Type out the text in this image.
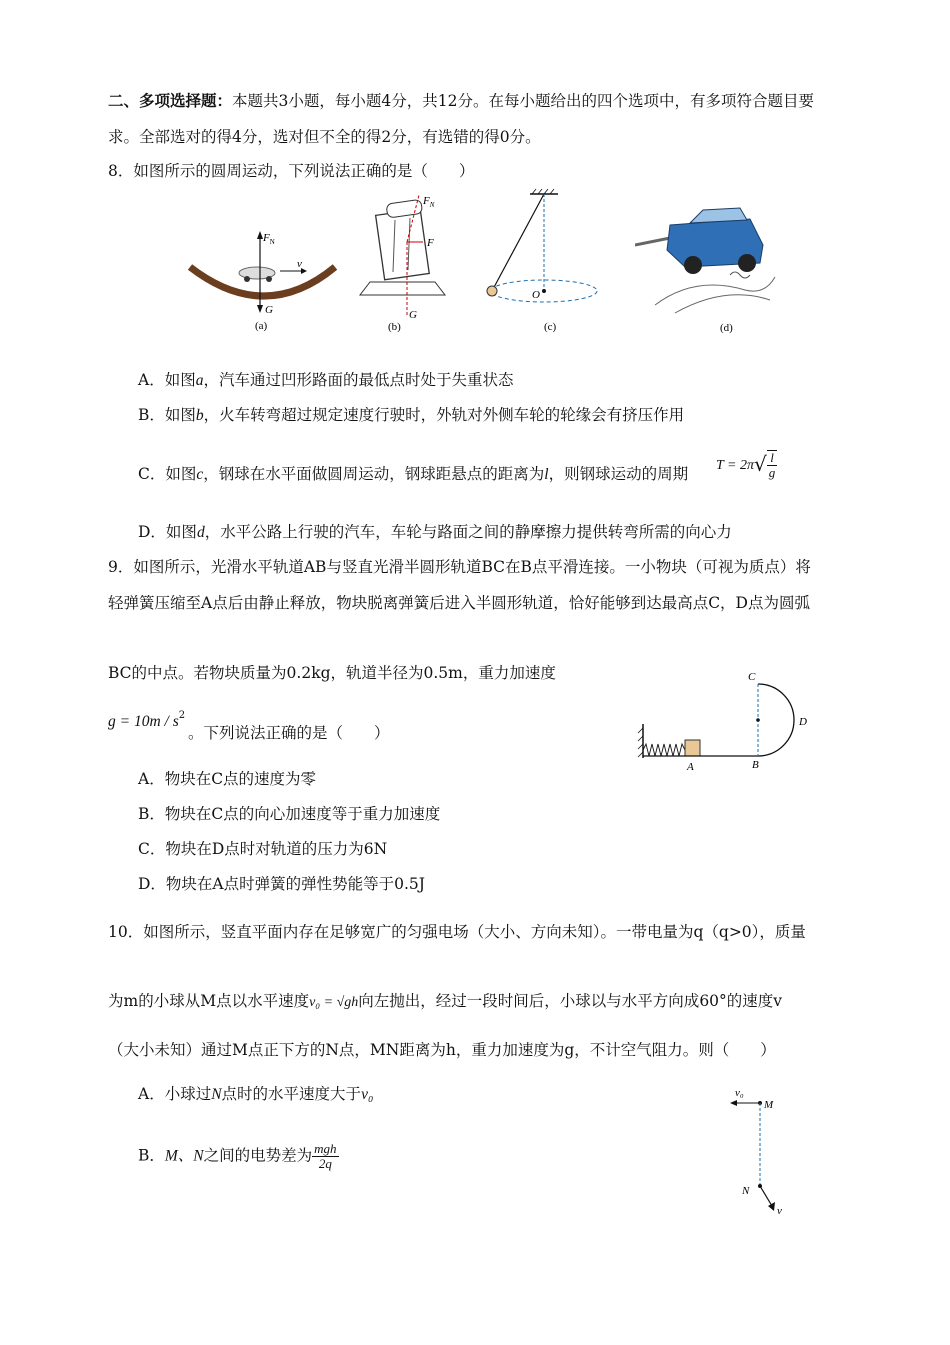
二、多项选择题：本题共3小题，每小题4分，共12分。在每小题给出的四个选项中，有多项符合题目要
求。全部选对的得4分，选对但不全的得2分，有选错的得0分。
8．如图所示的圆周运动，下列说法正确的是（　　）
$F_N$
G
v
(a)
$F_N$
F
G
(b)
O
(c)	(d)
A．如图a，汽车通过凹形路面的最低点时处于失重状态
B．如图b，火车转弯超过规定速度行驶时，外轨对外侧车轮的轮缘会有挤压作用
C．如图c，钢球在水平面做圆周运动，钢球距悬点的距离为l，则钢球运动的周期 $T = 2\pi√ \frac{l}{g}$
D．如图d，水平公路上行驶的汽车，车轮与路面之间的静摩擦力提供转弯所需的向心力
9．如图所示，光滑水平轨道AB与竖直光滑半圆形轨道BC在B点平滑连接。一小物块（可视为质点）将
轻弹簧压缩至A点后由静止释放，物块脱离弹簧后进入半圆形轨道，恰好能够到达最高点C，D点为圆弧
BC的中点。若物块质量为0.2kg，轨道半径为0.5m，重力加速度
$g = 10m / s^2$
。下列说法正确的是（　　）
C
D
A	B
A．物块在C点的速度为零
B．物块在C点的向心加速度等于重力加速度
C．物块在D点时对轨道的压力为6N
D．物块在A点时弹簧的弹性势能等于0.5J
10．如图所示，竖直平面内存在足够宽广的匀强电场（大小、方向未知）。一带电量为q（q>0），质量
为m的小球从M点以水平速度v₀ = √gh向左抛出，经过一段时间后，小球以与水平方向成60°的速度v
（大小未知）通过M点正下方的N点，MN距离为h，重力加速度为g，不计空气阻力。则（　　）
A．小球过N点时的水平速度大于v₀
B．M、N之间的电势差为 $\frac{\text{mgh}}{2q}$
v₀
M
N
v
